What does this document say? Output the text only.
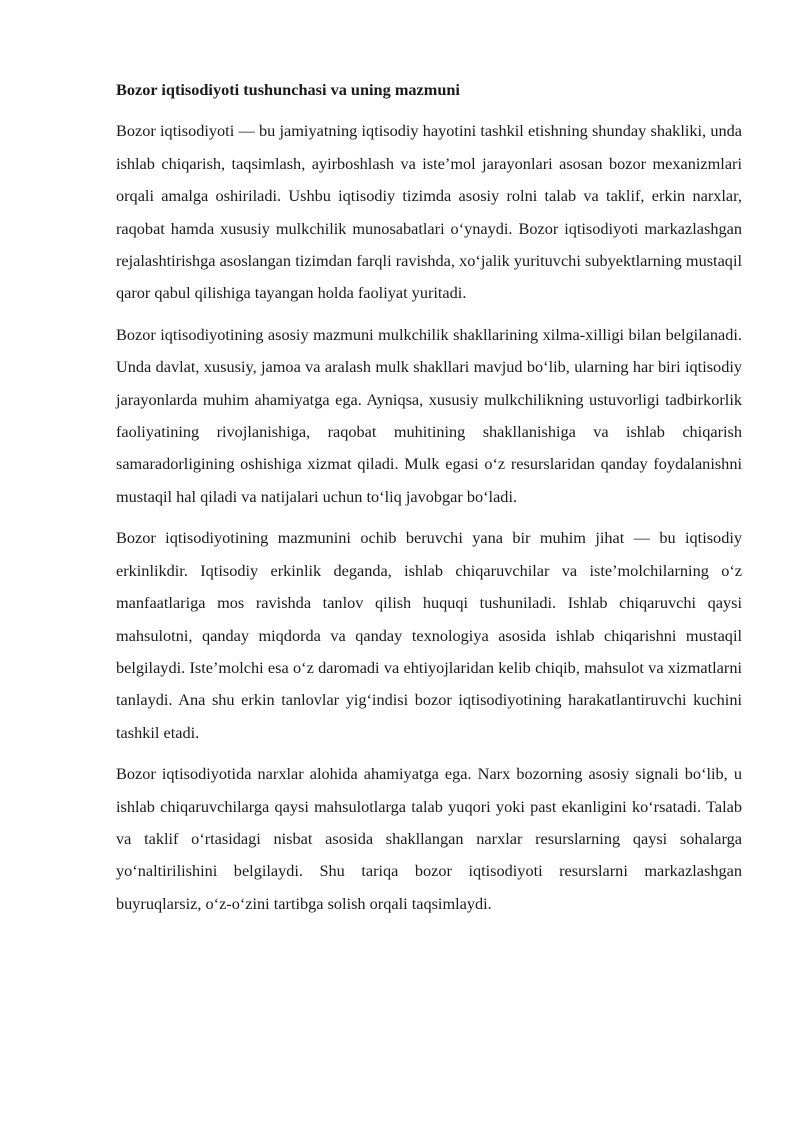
Bozor iqtisodiyoti tushunchasi va uning mazmuni

Bozor iqtisodiyoti — bu jamiyatning iqtisodiy hayotini tashkil etishning shunday shakliki, unda ishlab chiqarish, taqsimlash, ayirboshlash va iste’mol jarayonlari asosan bozor mexanizmlari orqali amalga oshiriladi. Ushbu iqtisodiy tizimda asosiy rolni talab va taklif, erkin narxlar, raqobat hamda xususiy mulkchilik munosabatlari o‘ynaydi. Bozor iqtisodiyoti markazlashgan rejalashtirishga asoslangan tizimdan farqli ravishda, xo‘jalik yurituvchi subyektlarning mustaqil qaror qabul qilishiga tayangan holda faoliyat yuritadi.

Bozor iqtisodiyotining asosiy mazmuni mulkchilik shakllarining xilma-xilligi bilan belgilanadi. Unda davlat, xususiy, jamoa va aralash mulk shakllari mavjud bo‘lib, ularning har biri iqtisodiy jarayonlarda muhim ahamiyatga ega. Ayniqsa, xususiy mulkchilikning ustuvorligi tadbirkorlik faoliyatining rivojlanishiga, raqobat muhitining shakllanishiga va ishlab chiqarish samaradorligining oshishiga xizmat qiladi. Mulk egasi o‘z resurslaridan qanday foydalanishni mustaqil hal qiladi va natijalari uchun to‘liq javobgar bo‘ladi.

Bozor iqtisodiyotining mazmunini ochib beruvchi yana bir muhim jihat — bu iqtisodiy erkinlikdir. Iqtisodiy erkinlik deganda, ishlab chiqaruvchilar va iste’molchilarning o‘z manfaatlariga mos ravishda tanlov qilish huquqi tushuniladi. Ishlab chiqaruvchi qaysi mahsulotni, qanday miqdorda va qanday texnologiya asosida ishlab chiqarishni mustaqil belgilaydi. Iste’molchi esa o‘z daromadi va ehtiyojlaridan kelib chiqib, mahsulot va xizmatlarni tanlaydi. Ana shu erkin tanlovlar yig‘indisi bozor iqtisodiyotining harakatlantiruvchi kuchini tashkil etadi.

Bozor iqtisodiyotida narxlar alohida ahamiyatga ega. Narx bozorning asosiy signali bo‘lib, u ishlab chiqaruvchilarga qaysi mahsulotlarga talab yuqori yoki past ekanligini ko‘rsatadi. Talab va taklif o‘rtasidagi nisbat asosida shakllangan narxlar resurslarning qaysi sohalarga yo‘naltirilishini belgilaydi. Shu tariqa bozor iqtisodiyoti resurslarni markazlashgan buyruqlarsiz, o‘z-o‘zini tartibga solish orqali taqsimlaydi.
